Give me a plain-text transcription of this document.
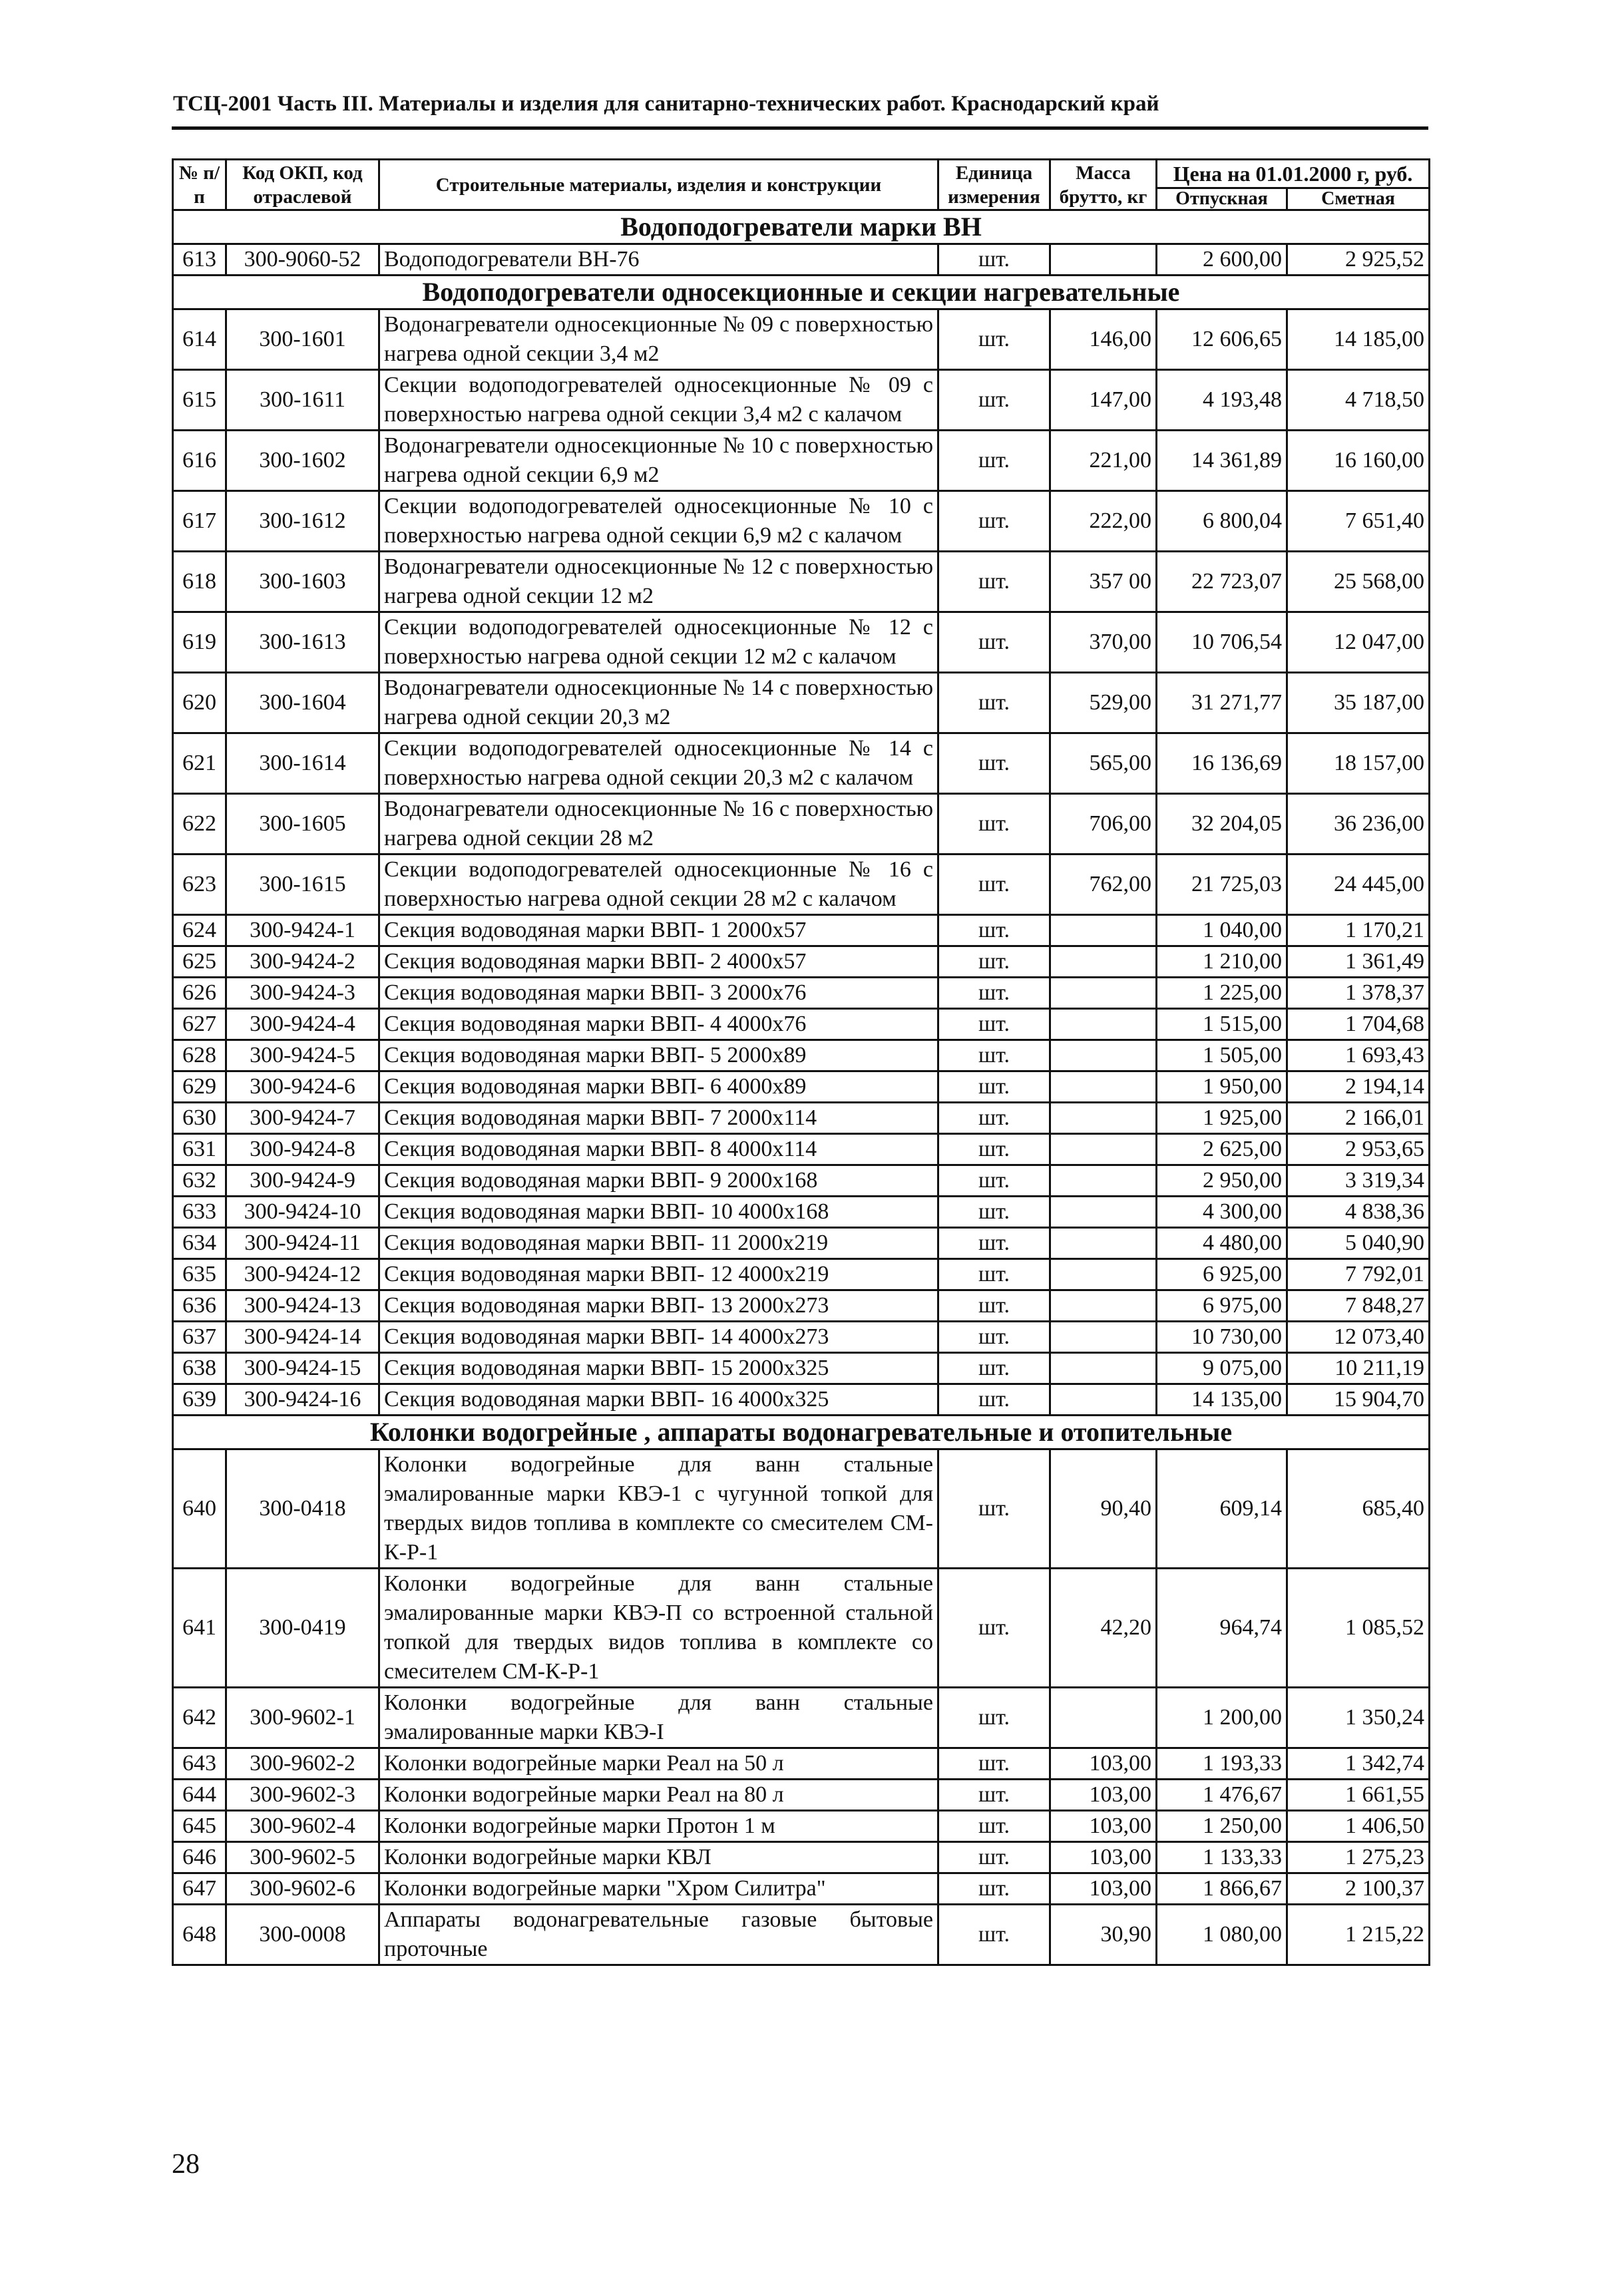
ТСЦ-2001 Часть III. Материалы и изделия для санитарно-технических работ. Краснодарский край
№ п/п	Код ОКП, код отраслевой	Строительные материалы, изделия и конструкции	Единица измерения	Масса брутто, кг	Цена на 01.01.2000 г, руб.	
					Отпускная	Сметная
Водоподогреватели марки ВН						
613	300-9060-52	Водоподогреватели ВН-76	шт.		2 600,00	2 925,52
Водоподогреватели односекционные и секции нагревательные						
614	300-1601	Водонагреватели односекционные № 09 с поверхностью нагрева одной секции 3,4 м2	шт.	146,00	12 606,65	14 185,00
615	300-1611	Секции водоподогревателей односекционные № 09 с поверхностью нагрева одной секции 3,4 м2 с калачом	шт.	147,00	4 193,48	4 718,50
616	300-1602	Водонагреватели односекционные № 10 с поверхностью нагрева одной секции 6,9 м2	шт.	221,00	14 361,89	16 160,00
617	300-1612	Секции водоподогревателей односекционные № 10 с поверхностью нагрева одной секции 6,9 м2 с калачом	шт.	222,00	6 800,04	7 651,40
618	300-1603	Водонагреватели односекционные № 12 с поверхностью нагрева одной секции 12 м2	шт.	357 00	22 723,07	25 568,00
619	300-1613	Секции водоподогревателей односекционные № 12 с поверхностью нагрева одной секции 12 м2 с калачом	шт.	370,00	10 706,54	12 047,00
620	300-1604	Водонагреватели односекционные № 14 с поверхностью нагрева одной секции 20,3 м2	шт.	529,00	31 271,77	35 187,00
621	300-1614	Секции водоподогревателей односекционные № 14 с поверхностью нагрева одной секции 20,3 м2 с калачом	шт.	565,00	16 136,69	18 157,00
622	300-1605	Водонагреватели односекционные № 16 с поверхностью нагрева одной секции 28 м2	шт.	706,00	32 204,05	36 236,00
623	300-1615	Секции водоподогревателей односекционные № 16 с поверхностью нагрева одной секции 28 м2 с калачом	шт.	762,00	21 725,03	24 445,00
624	300-9424-1	Секция водоводяная марки ВВП- 1 2000x57	шт.		1 040,00	1 170,21
625	300-9424-2	Секция водоводяная марки ВВП- 2 4000x57	шт.		1 210,00	1 361,49
626	300-9424-3	Секция водоводяная марки ВВП- 3 2000x76	шт.		1 225,00	1 378,37
627	300-9424-4	Секция водоводяная марки ВВП- 4 4000x76	шт.		1 515,00	1 704,68
628	300-9424-5	Секция водоводяная марки ВВП- 5 2000x89	шт.		1 505,00	1 693,43
629	300-9424-6	Секция водоводяная марки ВВП- 6 4000x89	шт.		1 950,00	2 194,14
630	300-9424-7	Секция водоводяная марки ВВП- 7 2000x114	шт.		1 925,00	2 166,01
631	300-9424-8	Секция водоводяная марки ВВП- 8 4000x114	шт.		2 625,00	2 953,65
632	300-9424-9	Секция водоводяная марки ВВП- 9 2000x168	шт.		2 950,00	3 319,34
633	300-9424-10	Секция водоводяная марки ВВП- 10 4000x168	шт.		4 300,00	4 838,36
634	300-9424-11	Секция водоводяная марки ВВП- 11 2000x219	шт.		4 480,00	5 040,90
635	300-9424-12	Секция водоводяная марки ВВП- 12 4000x219	шт.		6 925,00	7 792,01
636	300-9424-13	Секция водоводяная марки ВВП- 13 2000x273	шт.		6 975,00	7 848,27
637	300-9424-14	Секция водоводяная марки ВВП- 14 4000x273	шт.		10 730,00	12 073,40
638	300-9424-15	Секция водоводяная марки ВВП- 15 2000x325	шт.		9 075,00	10 211,19
639	300-9424-16	Секция водоводяная марки ВВП- 16 4000x325	шт.		14 135,00	15 904,70
Колонки водогрейные , аппараты водонагревательные и отопительные						
640	300-0418	Колонки водогрейные для ванн стальные эмалированные марки КВЭ-1 с чугунной топкой для твердых видов топлива в комплекте со смесителем СМ-К-Р-1	шт.	90,40	609,14	685,40
641	300-0419	Колонки водогрейные для ванн стальные эмалированные марки КВЭ-П со встроенной стальной топкой для твердых видов топлива в комплекте со смесителем СМ-К-Р-1	шт.	42,20	964,74	1 085,52
642	300-9602-1	Колонки водогрейные для ванн стальные эмалированные марки КВЭ-I	шт.		1 200,00	1 350,24
643	300-9602-2	Колонки водогрейные марки Реал на 50 л	шт.	103,00	1 193,33	1 342,74
644	300-9602-3	Колонки водогрейные марки Реал на 80 л	шт.	103,00	1 476,67	1 661,55
645	300-9602-4	Колонки водогрейные марки Протон 1 м	шт.	103,00	1 250,00	1 406,50
646	300-9602-5	Колонки водогрейные марки КВЛ	шт.	103,00	1 133,33	1 275,23
647	300-9602-6	Колонки водогрейные марки "Хром Силитра"	шт.	103,00	1 866,67	2 100,37
648	300-0008	Аппараты водонагревательные газовые бытовые проточные	шт.	30,90	1 080,00	1 215,22
28
